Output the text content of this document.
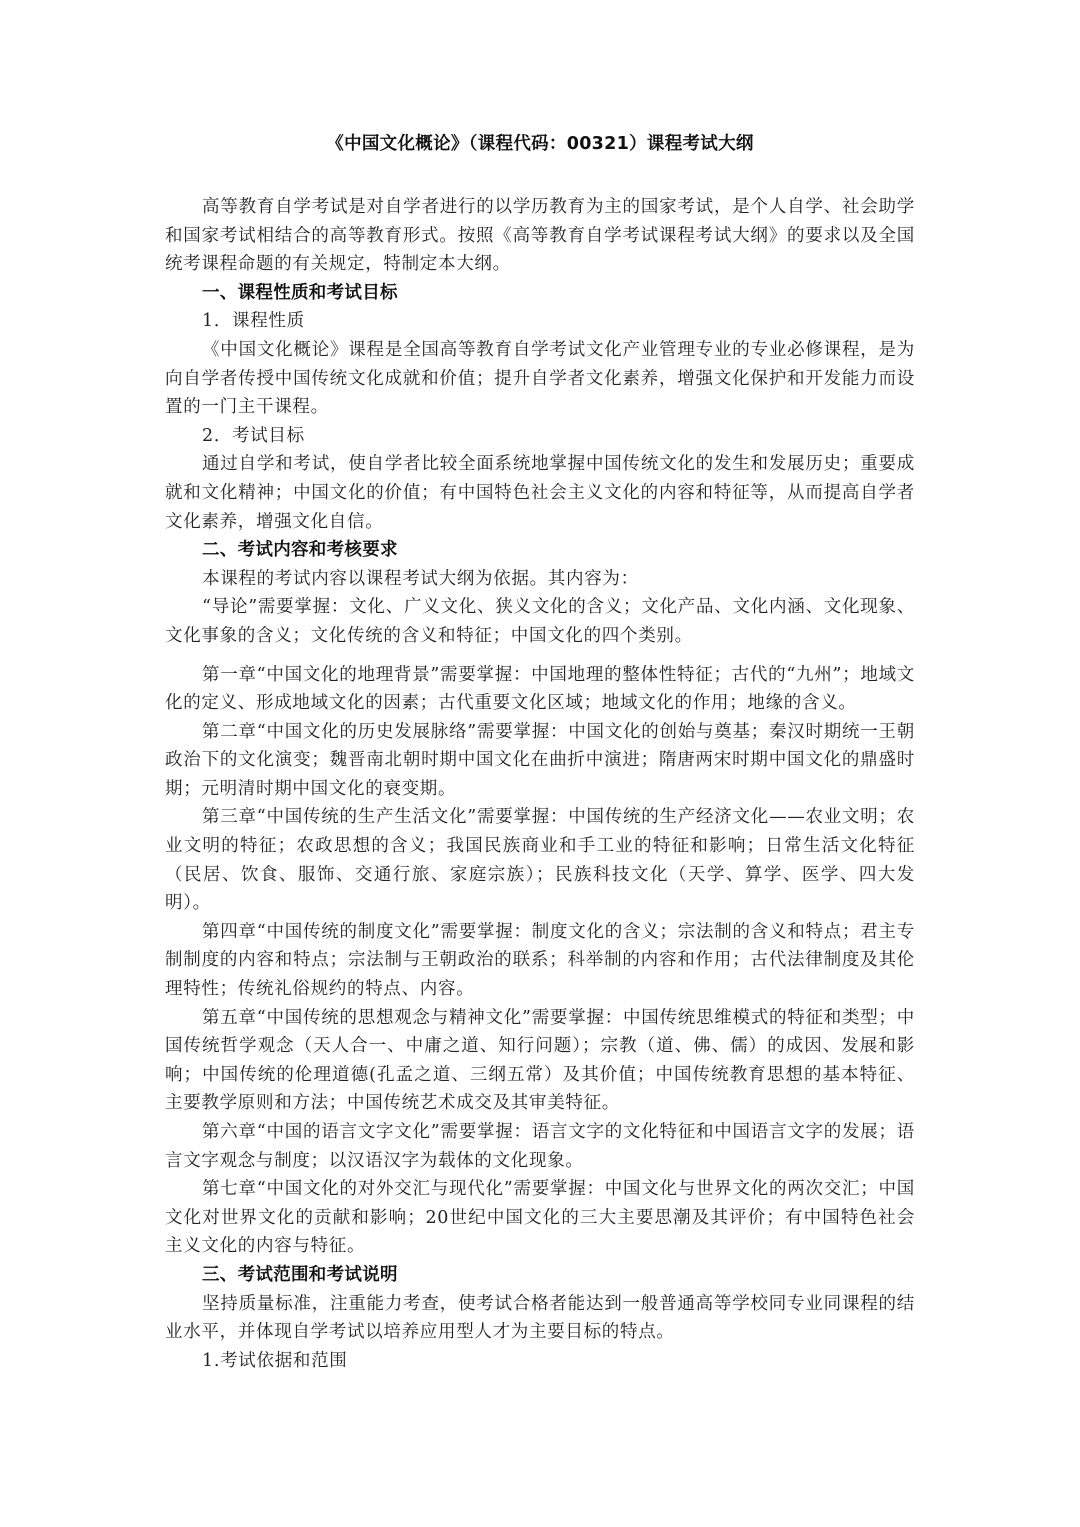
《中国文化概论》（课程代码：00321）课程考试大纲

高等教育自学考试是对自学者进行的以学历教育为主的国家考试，是个人自学、社会助学和国家考试相结合的高等教育形式。按照《高等教育自学考试课程考试大纲》的要求以及全国统考课程命题的有关规定，特制定本大纲。

一、课程性质和考试目标

1．课程性质

《中国文化概论》课程是全国高等教育自学考试文化产业管理专业的专业必修课程，是为向自学者传授中国传统文化成就和价值；提升自学者文化素养，增强文化保护和开发能力而设置的一门主干课程。

2．考试目标

通过自学和考试，使自学者比较全面系统地掌握中国传统文化的发生和发展历史；重要成就和文化精神；中国文化的价值；有中国特色社会主义文化的内容和特征等，从而提高自学者文化素养，增强文化自信。

二、考试内容和考核要求

本课程的考试内容以课程考试大纲为依据。其内容为：

“导论”需要掌握：文化、广义文化、狭义文化的含义；文化产品、文化内涵、文化现象、文化事象的含义；文化传统的含义和特征；中国文化的四个类别。

第一章“中国文化的地理背景”需要掌握：中国地理的整体性特征；古代的“九州”；地域文化的定义、形成地域文化的因素；古代重要文化区域；地域文化的作用；地缘的含义。

第二章“中国文化的历史发展脉络”需要掌握：中国文化的创始与奠基；秦汉时期统一王朝政治下的文化演变；魏晋南北朝时期中国文化在曲折中演进；隋唐两宋时期中国文化的鼎盛时期；元明清时期中国文化的衰变期。

第三章“中国传统的生产生活文化”需要掌握：中国传统的生产经济文化——农业文明；农业文明的特征；农政思想的含义；我国民族商业和手工业的特征和影响；日常生活文化特征（民居、饮食、服饰、交通行旅、家庭宗族）；民族科技文化（天学、算学、医学、四大发明）。

第四章“中国传统的制度文化”需要掌握：制度文化的含义；宗法制的含义和特点；君主专制制度的内容和特点；宗法制与王朝政治的联系；科举制的内容和作用；古代法律制度及其伦理特性；传统礼俗规约的特点、内容。

第五章“中国传统的思想观念与精神文化”需要掌握：中国传统思维模式的特征和类型；中国传统哲学观念（天人合一、中庸之道、知行问题）；宗教（道、佛、儒）的成因、发展和影响；中国传统的伦理道德(孔孟之道、三纲五常）及其价值；中国传统教育思想的基本特征、主要教学原则和方法；中国传统艺术成交及其审美特征。

第六章“中国的语言文字文化”需要掌握：语言文字的文化特征和中国语言文字的发展；语言文字观念与制度；以汉语汉字为载体的文化现象。

第七章“中国文化的对外交汇与现代化”需要掌握：中国文化与世界文化的两次交汇；中国文化对世界文化的贡献和影响；20世纪中国文化的三大主要思潮及其评价；有中国特色社会主义文化的内容与特征。

三、考试范围和考试说明

坚持质量标准，注重能力考查，使考试合格者能达到一般普通高等学校同专业同课程的结业水平，并体现自学考试以培养应用型人才为主要目标的特点。

1.考试依据和范围
